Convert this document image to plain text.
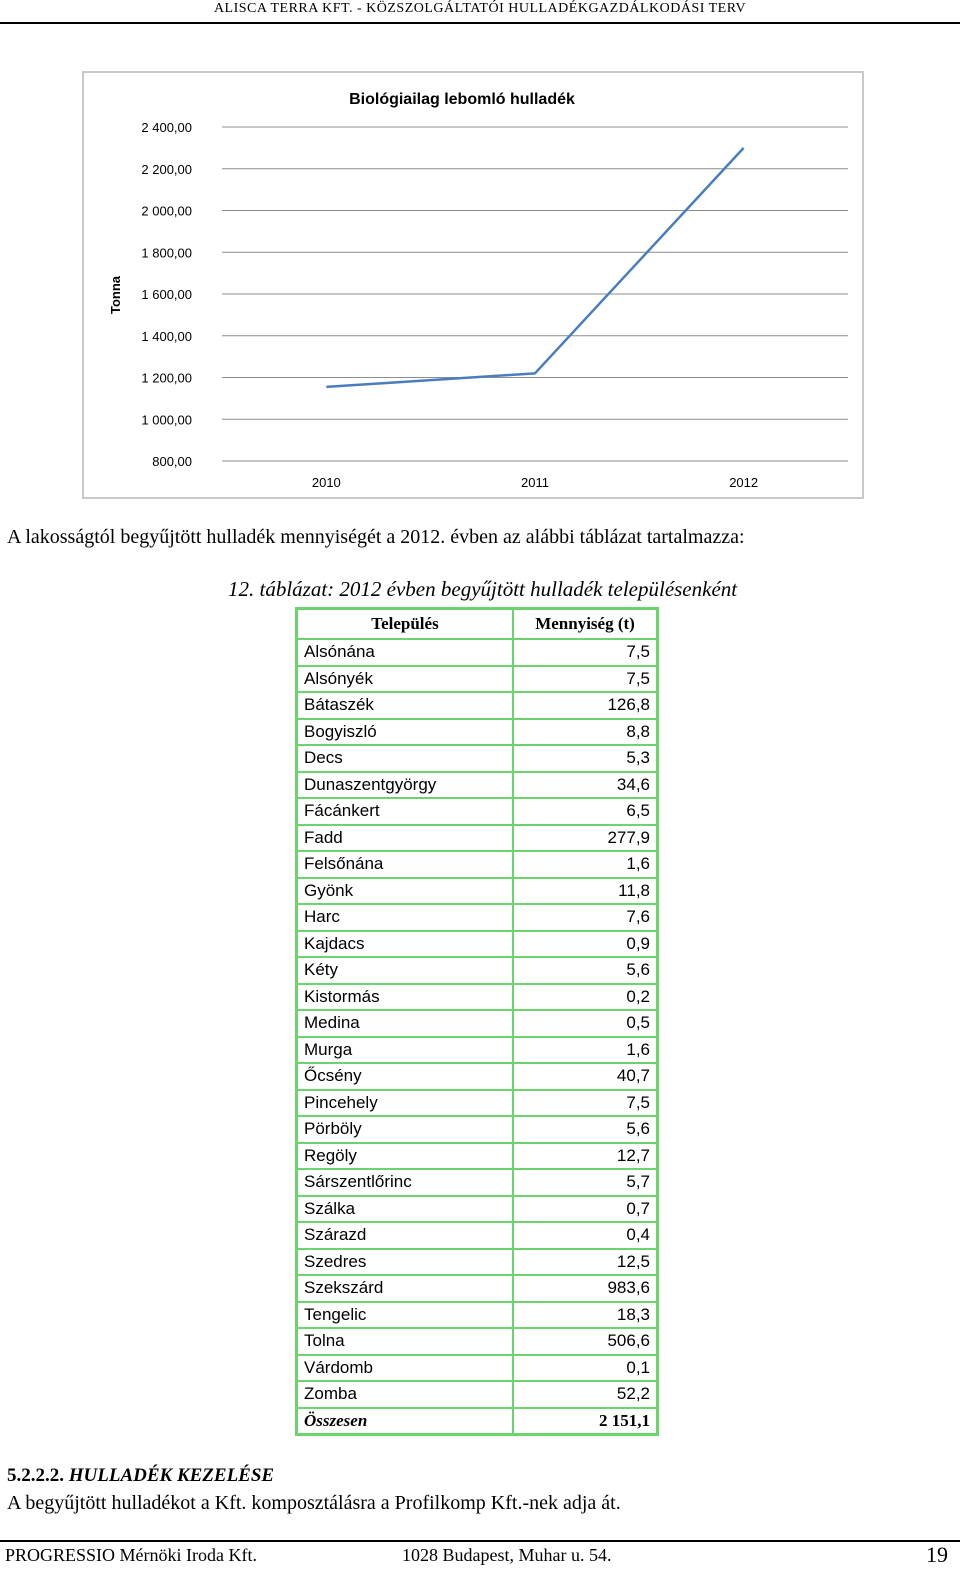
ALISCA TERRA KFT. - KÖZSZOLGÁLTATÓI HULLADÉKGAZDÁLKODÁSI TERV
Biológiailag lebomló hulladék
Tonna
800,00
1 000,00
1 200,00
1 400,00
1 600,00
1 800,00
2 000,00
2 200,00
2 400,00
2010	2011	2012
A lakosságtól begyűjtött hulladék mennyiségét a 2012. évben az alábbi táblázat tartalmazza:
12. táblázat: 2012 évben begyűjtött hulladék településenként
Település	Mennyiség (t)
Alsónána	7,5
Alsónyék	7,5
Bátaszék	126,8
Bogyiszló	8,8
Decs	5,3
Dunaszentgyörgy	34,6
Fácánkert	6,5
Fadd	277,9
Felsőnána	1,6
Gyönk	11,8
Harc	7,6
Kajdacs	0,9
Kéty	5,6
Kistormás	0,2
Medina	0,5
Murga	1,6
Őcsény	40,7
Pincehely	7,5
Pörböly	5,6
Regöly	12,7
Sárszentlőrinc	5,7
Szálka	0,7
Szárazd	0,4
Szedres	12,5
Szekszárd	983,6
Tengelic	18,3
Tolna	506,6
Várdomb	0,1
Zomba	52,2
Összesen	2 151,1
5.2.2.2. HULLADÉK KEZELÉSE
A begyűjtött hulladékot a Kft. komposztálásra a Profilkomp Kft.-nek adja át.
PROGRESSIO Mérnöki Iroda Kft.	1028 Budapest, Muhar u. 54.	19
